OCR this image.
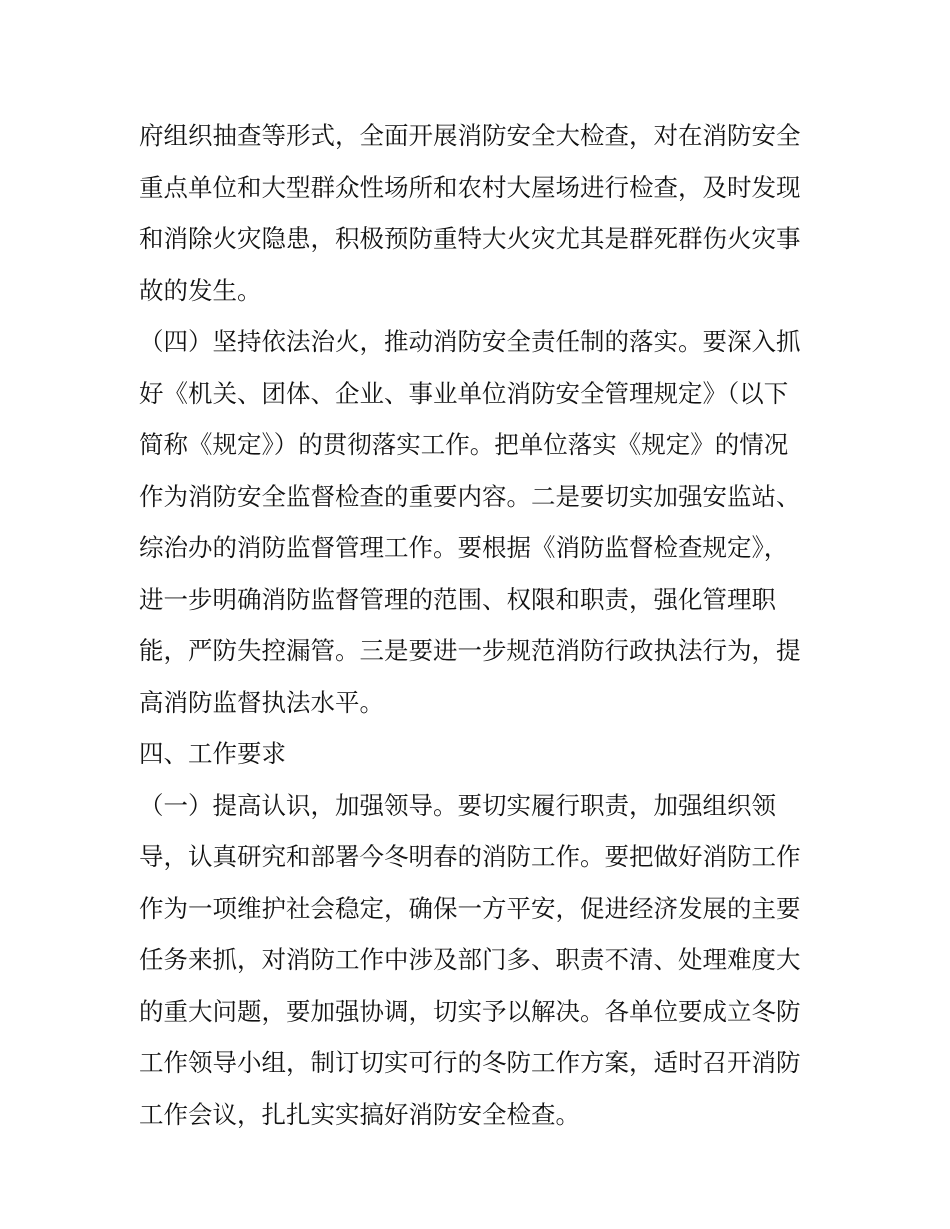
府组织抽查等形式，全面开展消防安全大检查，对在消防安全
重点单位和大型群众性场所和农村大屋场进行检查，及时发现
和消除火灾隐患，积极预防重特大火灾尤其是群死群伤火灾事
故的发生。
（四）坚持依法治火，推动消防安全责任制的落实。要深入抓
好《机关、团体、企业、事业单位消防安全管理规定》（以下
简称《规定》）的贯彻落实工作。把单位落实《规定》的情况
作为消防安全监督检查的重要内容。二是要切实加强安监站、
综治办的消防监督管理工作。要根据《消防监督检查规定》，
进一步明确消防监督管理的范围、权限和职责，强化管理职
能，严防失控漏管。三是要进一步规范消防行政执法行为，提
高消防监督执法水平。
四、工作要求
（一）提高认识，加强领导。要切实履行职责，加强组织领
导，认真研究和部署今冬明春的消防工作。要把做好消防工作
作为一项维护社会稳定，确保一方平安，促进经济发展的主要
任务来抓，对消防工作中涉及部门多、职责不清、处理难度大
的重大问题，要加强协调，切实予以解决。各单位要成立冬防
工作领导小组，制订切实可行的冬防工作方案，适时召开消防
工作会议，扎扎实实搞好消防安全检查。
